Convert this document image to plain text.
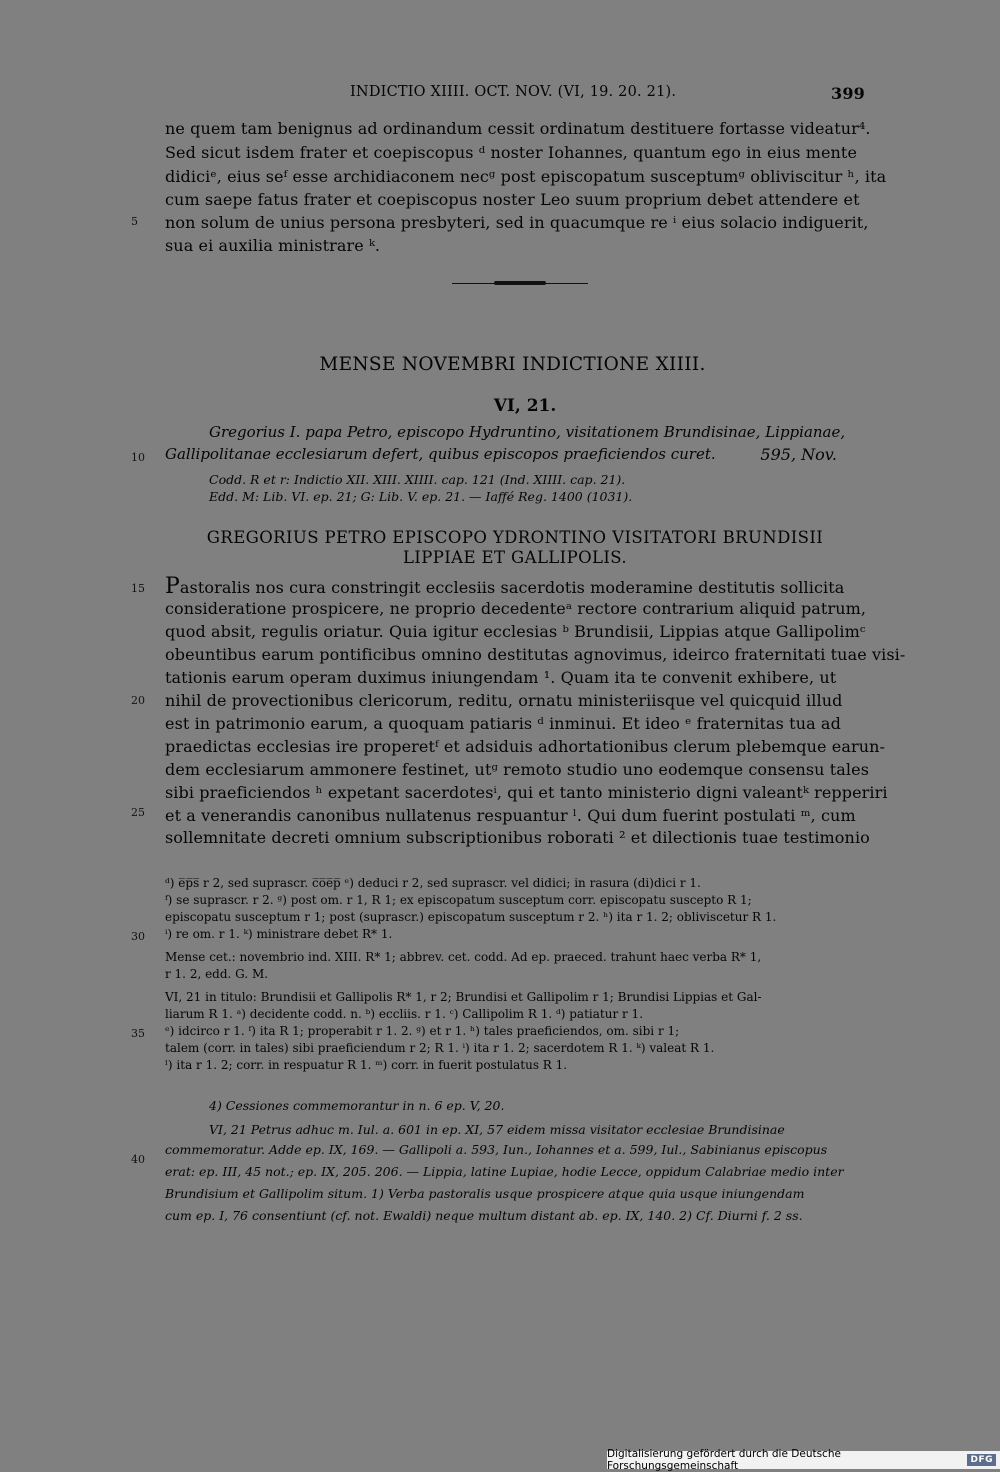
INDICTIO XIIII. OCT. NOV. (VI, 19. 20. 21).	399
ne quem tam benignus ad ordinandum cessit ordinatum destituere fortasse videatur⁴.
Sed sicut isdem frater et coepiscopus ᵈ noster Iohannes, quantum ego in eius mente
didiciᵉ, eius seᶠ esse archidiaconem necᵍ post episcopatum susceptumᵍ obliviscitur ʰ, ita
cum saepe fatus frater et coepiscopus noster Leo suum proprium debet attendere et
non solum de unius persona presbyteri, sed in quacumque re ⁱ eius solacio indiguerit,
sua ei auxilia ministrare ᵏ.
5
MENSE NOVEMBRI INDICTIONE XIIII.
VI, 21.
Gregorius I. papa Petro, episcopo Hydruntino, visitationem Brundisinae, Lippianae,
Gallipolitanae ecclesiarum defert, quibus episcopos praeficiendos curet.	595, Nov.
10
Codd. R et r: Indictio XII. XIII. XIIII. cap. 121 (Ind. XIIII. cap. 21).
Edd. M: Lib. VI. ep. 21; G: Lib. V. ep. 21. — Iaffé Reg. 1400 (1031).
GREGORIUS PETRO EPISCOPO YDRONTINO VISITATORI BRUNDISII
LIPPIAE ET GALLIPOLIS.
Pastoralis nos cura constringit ecclesiis sacerdotis moderamine destitutis sollicita
consideratione prospicere, ne proprio decedenteᵃ rectore contrarium aliquid patrum,
quod absit, regulis oriatur. Quia igitur ecclesias ᵇ Brundisii, Lippias atque Gallipolimᶜ
obeuntibus earum pontificibus omnino destitutas agnovimus, ideirco fraternitati tuae visi-
tationis earum operam duximus iniungendam ¹. Quam ita te convenit exhibere, ut
nihil de provectionibus clericorum, reditu, ornatu ministeriisque vel quicquid illud
est in patrimonio earum, a quoquam patiaris ᵈ inminui. Et ideo ᵉ fraternitas tua ad
praedictas ecclesias ire properetᶠ et adsiduis adhortationibus clerum plebemque earun-
dem ecclesiarum ammonere festinet, utᵍ remoto studio uno eodemque consensu tales
sibi praeficiendos ʰ expetant sacerdotesⁱ, qui et tanto ministerio digni valeantᵏ repperiri
et a venerandis canonibus nullatenus respuantur ˡ. Qui dum fuerint postulati ᵐ, cum
sollemnitate decreti omnium subscriptionibus roborati ² et dilectionis tuae testimonio
15
20
25
ᵈ) e̅p̅s̅ r 2, sed suprascr. c̅o̅e̅p̅ ᵉ) deduci r 2, sed suprascr. vel didici; in rasura (di)dici r 1.
ᶠ) se suprascr. r 2. ᵍ) post om. r 1, R 1; ex episcopatum susceptum corr. episcopatu suscepto R 1;
episcopatu susceptum r 1; post (suprascr.) episcopatum susceptum r 2. ʰ) ita r 1. 2; obliviscetur R 1.
ⁱ) re om. r 1. ᵏ) ministrare debet R* 1.
Mense cet.: novembrio ind. XIII. R* 1; abbrev. cet. codd. Ad ep. praeced. trahunt haec verba R* 1,
r 1. 2, edd. G. M.
VI, 21 in titulo: Brundisii et Gallipolis R* 1, r 2; Brundisi et Gallipolim r 1; Brundisi Lippias et Gal-
liarum R 1. ᵃ) decidente codd. n. ᵇ) eccliis. r 1. ᶜ) Callipolim R 1. ᵈ) patiatur r 1.
ᵉ) idcirco r 1. ᶠ) ita R 1; properabit r 1. 2. ᵍ) et r 1. ʰ) tales praeficiendos, om. sibi r 1;
talem (corr. in tales) sibi praeficiendum r 2; R 1. ⁱ) ita r 1. 2; sacerdotem R 1. ᵏ) valeat R 1.
ˡ) ita r 1. 2; corr. in respuatur R 1. ᵐ) corr. in fuerit postulatus R 1.
30
35
4) Cessiones commemorantur in n. 6 ep. V, 20.
VI, 21 Petrus adhuc m. Iul. a. 601 in ep. XI, 57 eidem missa visitator ecclesiae Brundisinae
commemoratur. Adde ep. IX, 169. — Gallipoli a. 593, Iun., Iohannes et a. 599, Iul., Sabinianus episcopus
erat: ep. III, 45 not.; ep. IX, 205. 206. — Lippia, latine Lupiae, hodie Lecce, oppidum Calabriae medio inter
Brundisium et Gallipolim situm. 1) Verba pastoralis usque prospicere atque quia usque iniungendam
cum ep. I, 76 consentiunt (cf. not. Ewaldi) neque multum distant ab. ep. IX, 140. 2) Cf. Diurni f. 2 ss.
40
Digitalisierung gefördert durch die Deutsche Forschungsgemeinschaft	DFG
